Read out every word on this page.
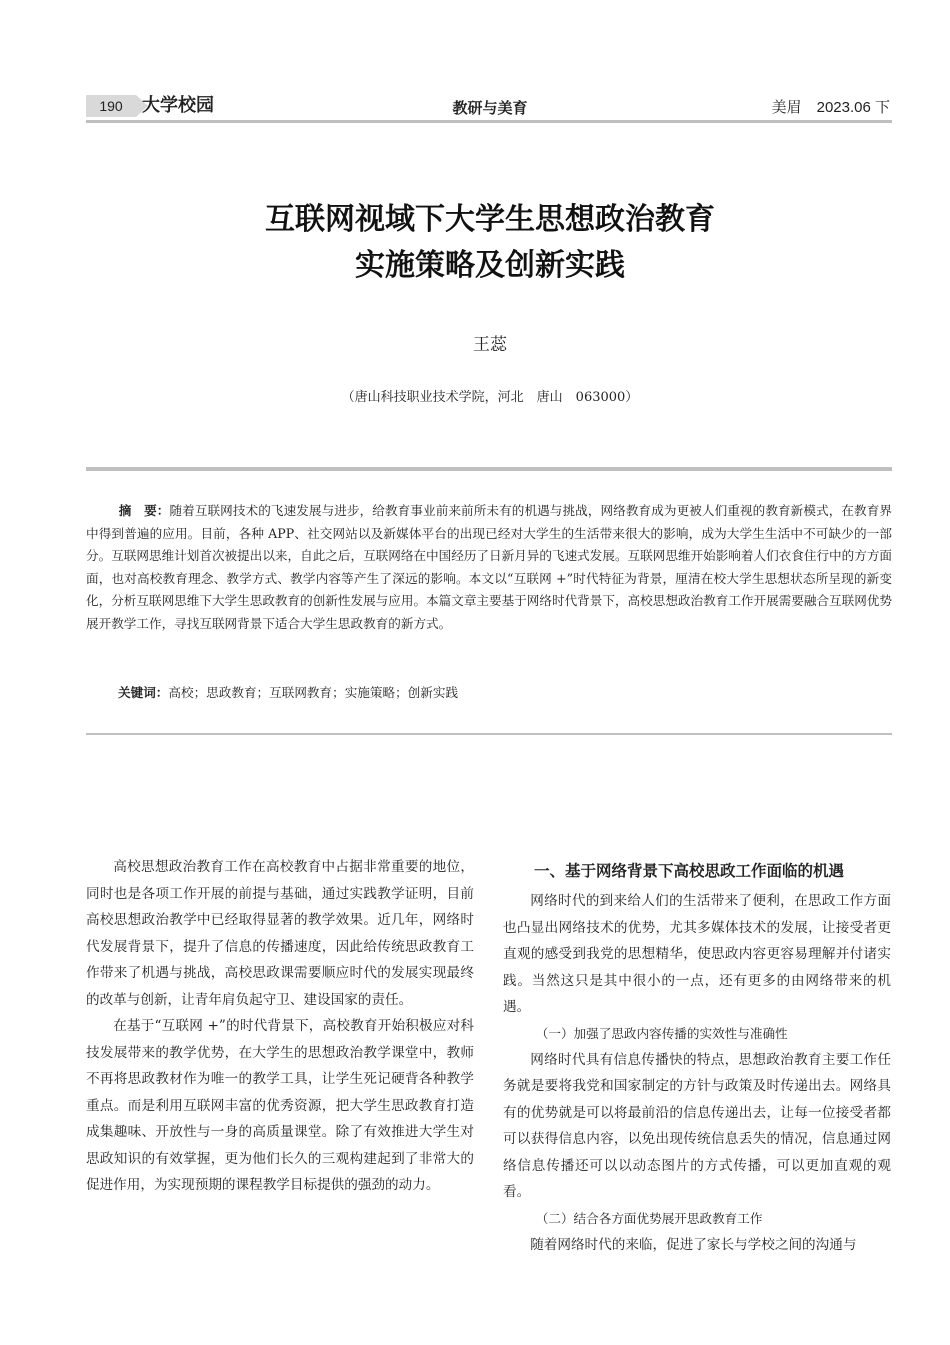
190	大学校园	教研与美育	美眉　2023.06 下
互联网视域下大学生思想政治教育
实施策略及创新实践
王蕊
（唐山科技职业技术学院，河北　唐山　063000）

摘　要：随着互联网技术的飞速发展与进步，给教育事业前来前所未有的机遇与挑战，网络教育成为更被人们重视的教育新模式，在教育界中得到普遍的应用。目前，各种 APP、社交网站以及新媒体平台的出现已经对大学生的生活带来很大的影响，成为大学生生活中不可缺少的一部分。互联网思维计划首次被提出以来，自此之后，互联网络在中国经历了日新月异的飞速式发展。互联网思维开始影响着人们衣食住行中的方方面面，也对高校教育理念、教学方式、教学内容等产生了深远的影响。本文以“互联网 +”时代特征为背景，厘清在校大学生思想状态所呈现的新变化，分析互联网思维下大学生思政教育的创新性发展与应用。本篇文章主要基于网络时代背景下，高校思想政治教育工作开展需要融合互联网优势展开教学工作，寻找互联网背景下适合大学生思政教育的新方式。

关键词：高校；思政教育；互联网教育；实施策略；创新实践

高校思想政治教育工作在高校教育中占据非常重要的地位，同时也是各项工作开展的前提与基础，通过实践教学证明，目前高校思想政治教学中已经取得显著的教学效果。近几年，网络时代发展背景下，提升了信息的传播速度，因此给传统思政教育工作带来了机遇与挑战，高校思政课需要顺应时代的发展实现最终的改革与创新，让青年肩负起守卫、建设国家的责任。

在基于“互联网 +”的时代背景下，高校教育开始积极应对科技发展带来的教学优势，在大学生的思想政治教学课堂中，教师不再将思政教材作为唯一的教学工具，让学生死记硬背各种教学重点。而是利用互联网丰富的优秀资源，把大学生思政教育打造成集趣味、开放性与一身的高质量课堂。除了有效推进大学生对思政知识的有效掌握，更为他们长久的三观构建起到了非常大的促进作用，为实现预期的课程教学目标提供的强劲的动力。

一、基于网络背景下高校思政工作面临的机遇

网络时代的到来给人们的生活带来了便利，在思政工作方面也凸显出网络技术的优势，尤其多媒体技术的发展，让接受者更直观的感受到我党的思想精华，使思政内容更容易理解并付诸实践。当然这只是其中很小的一点，还有更多的由网络带来的机遇。

（一）加强了思政内容传播的实效性与准确性

网络时代具有信息传播快的特点，思想政治教育主要工作任务就是要将我党和国家制定的方针与政策及时传递出去。网络具有的优势就是可以将最前沿的信息传递出去，让每一位接受者都可以获得信息内容，以免出现传统信息丢失的情况，信息通过网络信息传播还可以以动态图片的方式传播，可以更加直观的观看。

（二）结合各方面优势展开思政教育工作

随着网络时代的来临，促进了家长与学校之间的沟通与
